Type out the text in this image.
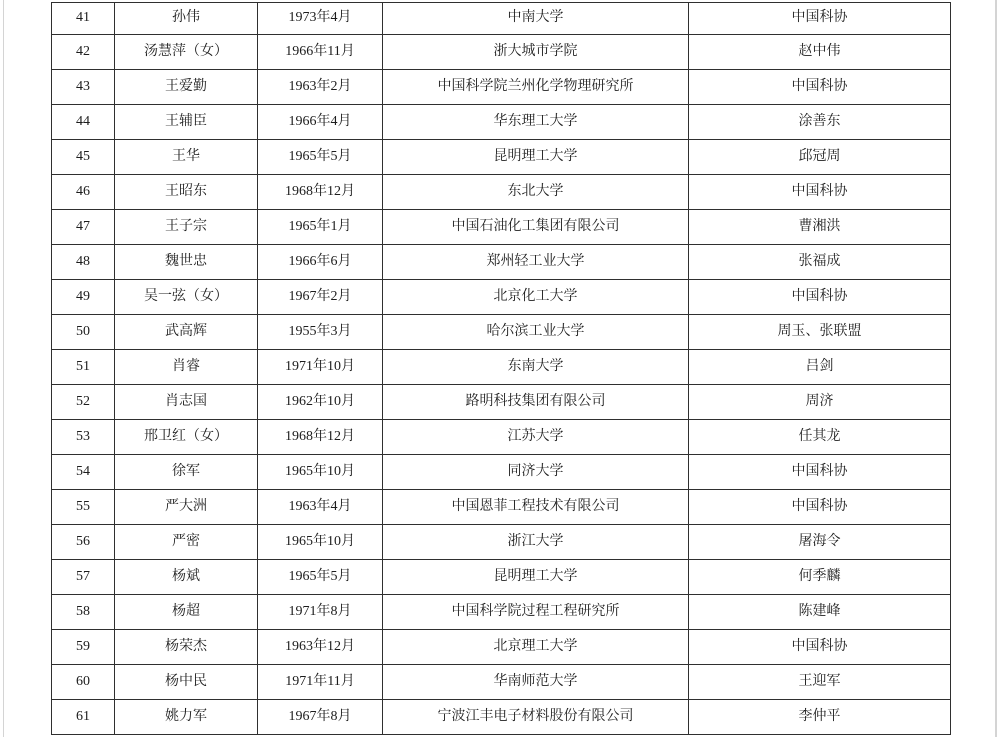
41	孙伟	1973年4月	中南大学	中国科协
42	汤慧萍（女）	1966年11月	浙大城市学院	赵中伟
43	王爱勤	1963年2月	中国科学院兰州化学物理研究所	中国科协
44	王辅臣	1966年4月	华东理工大学	涂善东
45	王华	1965年5月	昆明理工大学	邱冠周
46	王昭东	1968年12月	东北大学	中国科协
47	王子宗	1965年1月	中国石油化工集团有限公司	曹湘洪
48	魏世忠	1966年6月	郑州轻工业大学	张福成
49	吴一弦（女）	1967年2月	北京化工大学	中国科协
50	武高辉	1955年3月	哈尔滨工业大学	周玉、张联盟
51	肖睿	1971年10月	东南大学	吕剑
52	肖志国	1962年10月	路明科技集团有限公司	周济
53	邢卫红（女）	1968年12月	江苏大学	任其龙
54	徐军	1965年10月	同济大学	中国科协
55	严大洲	1963年4月	中国恩菲工程技术有限公司	中国科协
56	严密	1965年10月	浙江大学	屠海令
57	杨斌	1965年5月	昆明理工大学	何季麟
58	杨超	1971年8月	中国科学院过程工程研究所	陈建峰
59	杨荣杰	1963年12月	北京理工大学	中国科协
60	杨中民	1971年11月	华南师范大学	王迎军
61	姚力军	1967年8月	宁波江丰电子材料股份有限公司	李仲平
